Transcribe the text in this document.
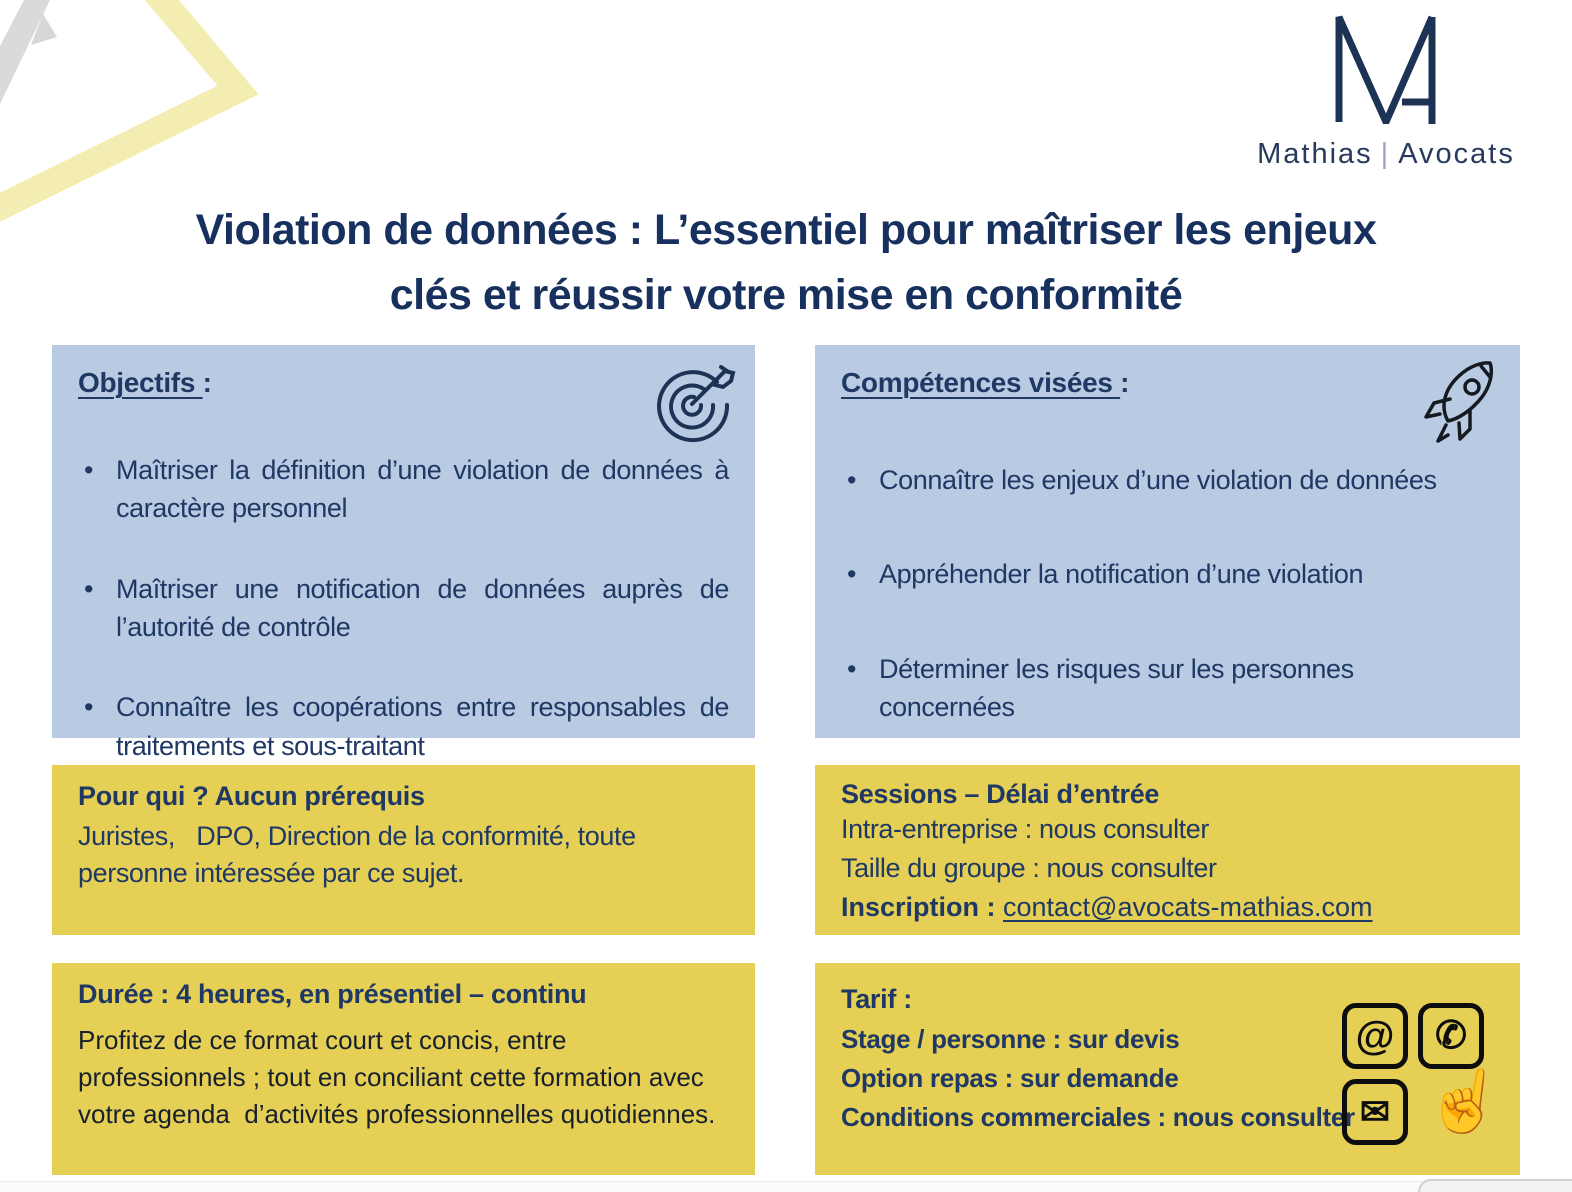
Mathias | Avocats
Violation de données : L’essentiel pour maîtriser les enjeux
clés et réussir votre mise en conformité
Objectifs :
• Maîtriser la définition d’une violation de données à caractère personnel
• Maîtriser une notification de données auprès de l’autorité de contrôle
• Connaître les coopérations entre responsables de traitements et sous-traitant
Compétences visées :
• Connaître les enjeux d’une violation de données
• Appréhender la notification d’une violation
• Déterminer les risques sur les personnes concernées
Pour qui ? Aucun prérequis
Juristes,   DPO, Direction de la conformité, toute personne intéressée par ce sujet.
Sessions – Délai d’entrée
Intra-entreprise : nous consulter
Taille du groupe : nous consulter
Inscription : contact@avocats-mathias.com
Durée : 4 heures, en présentiel – continu
Profitez de ce format court et concis, entre professionnels ; tout en conciliant cette formation avec votre agenda  d’activités professionnelles quotidiennes.
Tarif :
Stage / personne : sur devis
Option repas : sur demande
Conditions commerciales : nous consulter
@	✆
✉ ☝
